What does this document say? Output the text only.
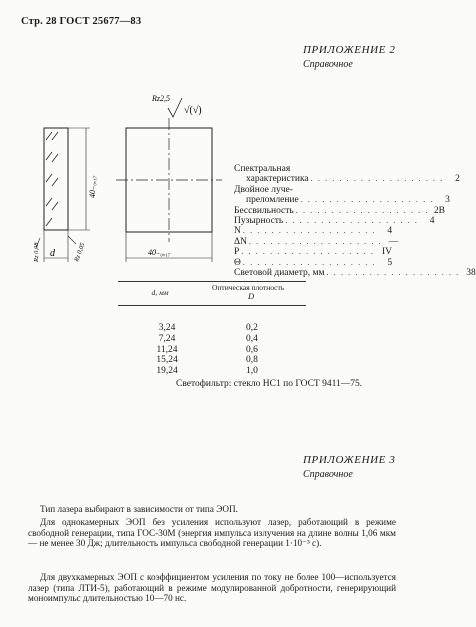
Стр. 28 ГОСТ 25677—83
ПРИЛОЖЕНИЕ 2
Справочное
d
40₋₀,₁₇
Rz 0,08	Rz 0,05
Rz2,5
√(√)
40₋₀,₁₇
Спектральная
характеристика . . . . . . . . . . . . . . . . . . .	2
Двойное луче-
преломление . . . . . . . . . . . . . . . . . . .	3
Бессвильность . . . . . . . . . . . . . . . . . . . 2В
Пузырность . . . . . . . . . . . . . . . . . . .	4
N . . . . . . . . . . . . . . . . . . .	4
ΔN . . . . . . . . . . . . . . . . . . . —
P . . . . . . . . . . . . . . . . . . . IV
Θ . . . . . . . . . . . . . . . . . . .	5
Световой диаметр, мм . . . . . . . . . . . . . . . . . . . 38
d, мм	Оптическая плотность
D

3,24	0,2
7,24	0,4
11,24	0,6
15,24	0,8
19,24	1,0
Светофильтр: стекло НС1 по ГОСТ 9411—75.
ПРИЛОЖЕНИЕ 3
Справочное
Тип лазера выбирают в зависимости от типа ЭОП.
Для однокамерных ЭОП без усиления используют лазер, работающий в режиме свободной генерации, типа ГОС-30М (энергия импульса излучения на длине волны 1,06 мкм — не менее 30 Дж; длительность импульса свободной генерации 1·10⁻³ с).
Для двухкамерных ЭОП с коэффициентом усиления по току не более 100—используется лазер (типа ЛТИ-5), работающий в режиме модулированной добротности, генерирующий моноимпульс длительностью 10—70 нс.
